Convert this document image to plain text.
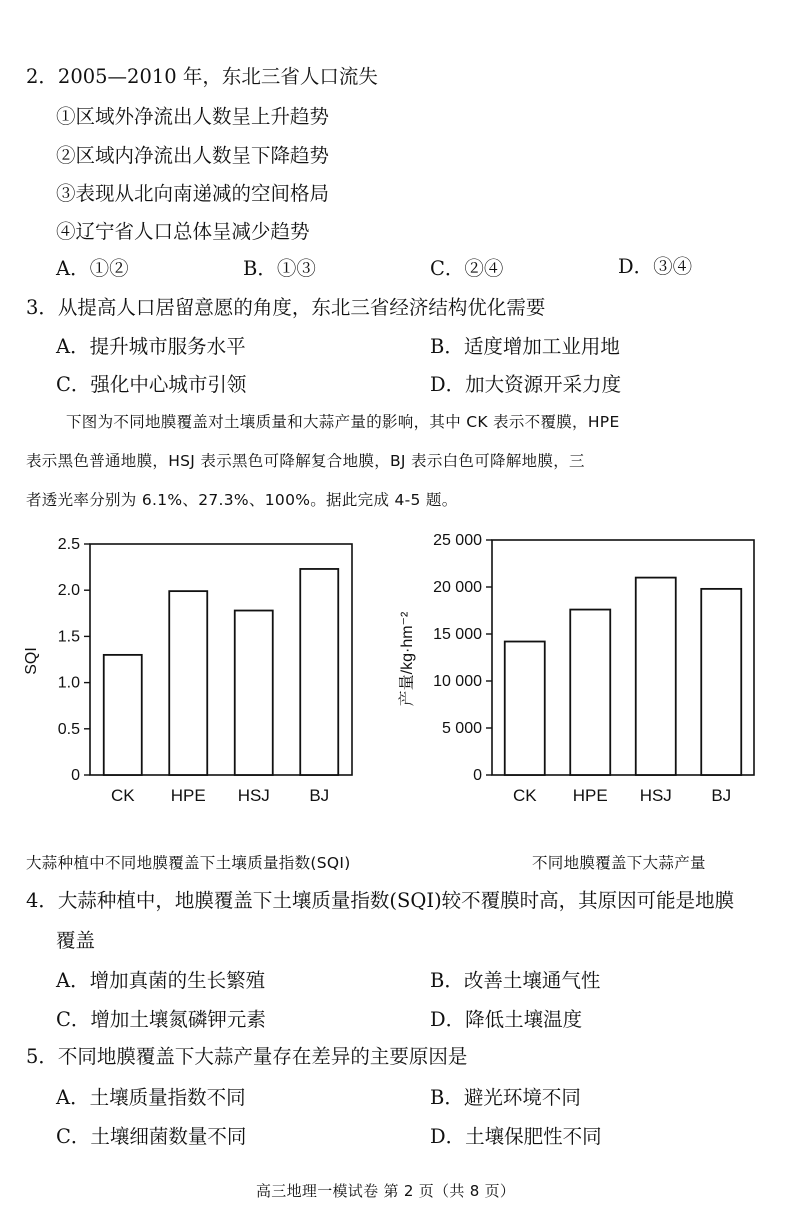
2．2005—2010 年，东北三省人口流失
①区域外净流出人数呈上升趋势
②区域内净流出人数呈下降趋势
③表现从北向南递减的空间格局
④辽宁省人口总体呈减少趋势
A．①②	B．①③	C．②④	D．③④
3．从提高人口居留意愿的角度，东北三省经济结构优化需要
A．提升城市服务水平	B．适度增加工业用地
C．强化中心城市引领	D．加大资源开采力度
下图为不同地膜覆盖对土壤质量和大蒜产量的影响，其中 CK 表示不覆膜，HPE
表示黑色普通地膜，HSJ 表示黑色可降解复合地膜，BJ 表示白色可降解地膜，三
者透光率分别为 6.1%、27.3%、100%。据此完成 4-5 题。
0
0.5
1.0
1.5
2.0
2.5
CK HPE HSJ BJ
SQI
0
5 000
10 000
15 000
20 000
25 000
CK HPE HSJ BJ
产量/kg·hm⁻²
大蒜种植中不同地膜覆盖下土壤质量指数(SQI)	不同地膜覆盖下大蒜产量
4．大蒜种植中，地膜覆盖下土壤质量指数(SQI)较不覆膜时高，其原因可能是地膜
覆盖
A．增加真菌的生长繁殖	B．改善土壤通气性
C．增加土壤氮磷钾元素	D．降低土壤温度
5．不同地膜覆盖下大蒜产量存在差异的主要原因是
A．土壤质量指数不同	B．避光环境不同
C．土壤细菌数量不同	D．土壤保肥性不同
高三地理一模试卷 第 2 页（共 8 页）
